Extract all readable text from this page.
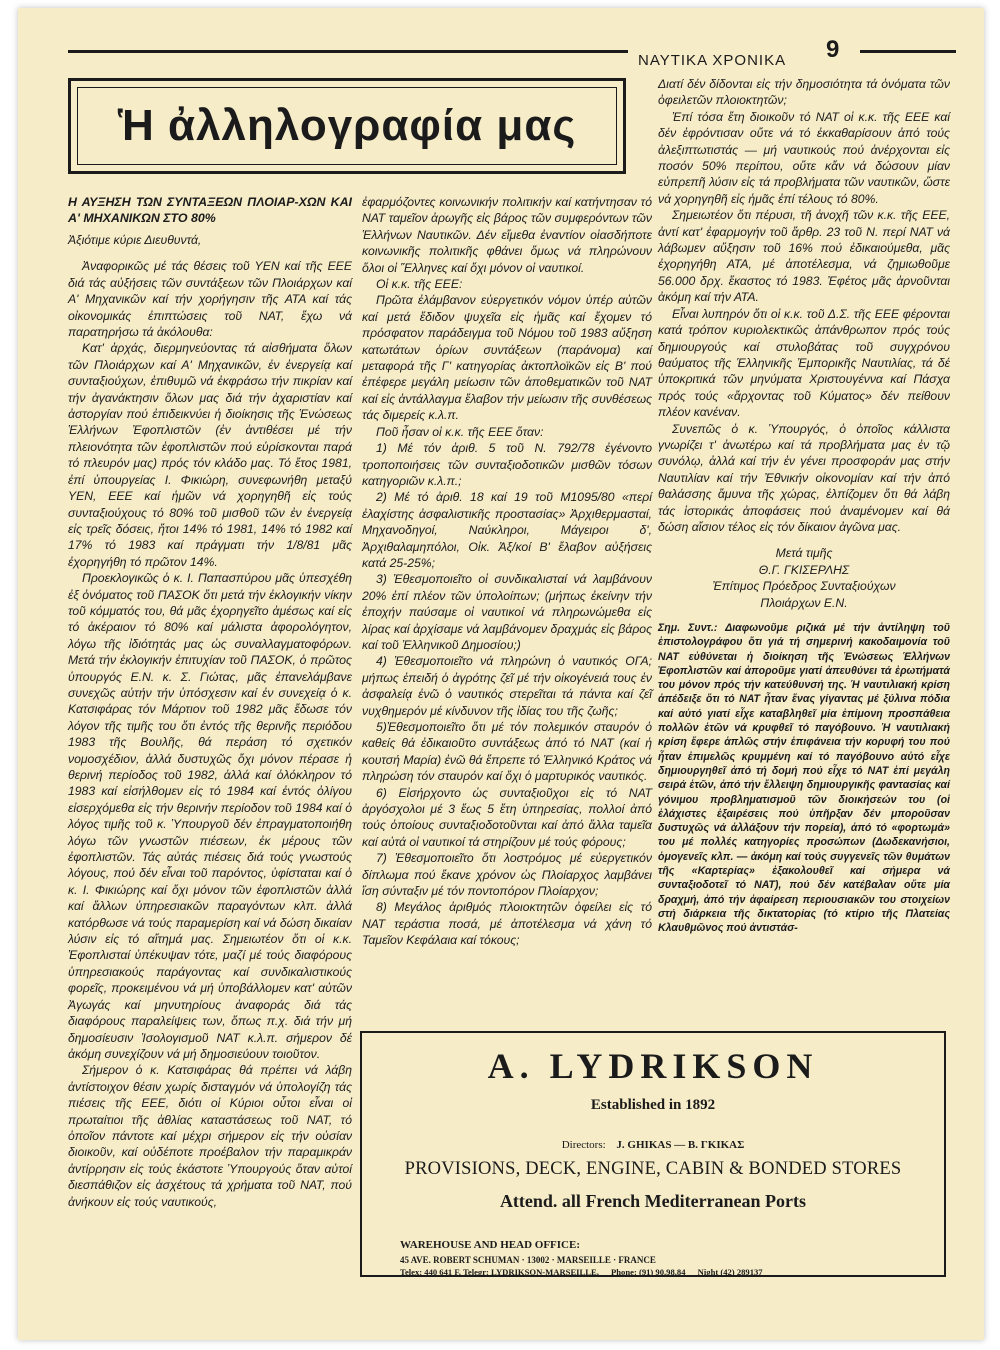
ΝΑΥΤΙΚΑ ΧΡΟΝΙΚΑ 9
Ἡ ἀλληλογραφία μας
Η ΑΥΞΗΣΗ ΤΩΝ ΣΥΝΤΑΞΕΩΝ ΠΛΟΙΑΡ-ΧΩΝ ΚΑΙ Α' ΜΗΧΑΝΙΚΩΝ ΣΤΟ 80%

Ἀξιότιμε κύριε Διευθυντά,

Ἀναφορικῶς μέ τάς θέσεις τοῦ ΥΕΝ καί τῆς ΕΕΕ διά τάς αὐξήσεις τῶν συντάξεων τῶν Πλοιάρχων καί Α' Μηχανικῶν καί τήν χορήγησιν τῆς ΑΤΑ καί τάς οἰκονομικάς ἐπιπτώσεις τοῦ ΝΑΤ, ἔχω νά παρατηρήσω τά ἀκόλουθα:

Κατ' ἀρχάς, διερμηνεύοντας τά αἰσθήματα ὅλων τῶν Πλοιάρχων καί Α' Μηχανικῶν, ἐν ἐνεργείᾳ καί συνταξιούχων, ἐπιθυμῶ νά ἐκφράσω τήν πικρίαν καί τήν ἀγανάκτησιν ὅλων μας διά τήν ἀχαριστίαν καί ἀστοργίαν πού ἐπιδεικνύει ἡ διοίκησις τῆς Ἑνώσεως Ἑλλήνων Ἐφοπλιστῶν (ἐν ἀντιθέσει μέ τήν πλειονότητα τῶν ἐφοπλιστῶν πού εὑρίσκονται παρά τό πλευρόν μας) πρός τόν κλάδο μας. Τό ἔτος 1981, ἐπί ὑπουργείας Ι. Φικιώρη, συνεφωνήθη μεταξύ ΥΕΝ, ΕΕΕ καί ἡμῶν νά χορηγηθῆ εἰς τούς συνταξιούχους τό 80% τοῦ μισθοῦ τῶν ἐν ἐνεργείᾳ εἰς τρεῖς δόσεις, ἤτοι 14% τό 1981, 14% τό 1982 καί 17% τό 1983 καί πράγματι τήν 1/8/81 μᾶς ἐχορηγήθη τό πρῶτον 14%.

Προεκλογικῶς ὁ κ. Ι. Παπασπύρου μᾶς ὑπεσχέθη ἐξ ὀνόματος τοῦ ΠΑΣΟΚ ὅτι μετά τήν ἐκλογικήν νίκην τοῦ κόμματός του, θά μᾶς ἐχορηγεῖτο ἀμέσως καί εἰς τό ἀκέραιον τό 80% καί μάλιστα ἀφορολόγητον, λόγω τῆς ἰδιότητάς μας ὡς συναλλαγματοφόρων. Μετά τήν ἐκλογικήν ἐπιτυχίαν τοῦ ΠΑΣΟΚ, ὁ πρῶτος ὑπουργός Ε.Ν. κ. Σ. Γιώτας, μᾶς ἐπανελάμβανε συνεχῶς αὐτήν τήν ὑπόσχεσιν καί ἐν συνεχείᾳ ὁ κ. Κατσιφάρας τόν Μάρτιον τοῦ 1982 μᾶς ἔδωσε τόν λόγον τῆς τιμῆς του ὅτι ἐντός τῆς θερινῆς περιόδου 1983 τῆς Βουλῆς, θά περάση τό σχετικόν νομοσχέδιον, ἀλλά δυστυχῶς ὄχι μόνον πέρασε ἡ θερινή περίοδος τοῦ 1982, ἀλλά καί ὁλόκληρον τό 1983 καί εἰσήλθομεν εἰς τό 1984 καί ἐντός ὀλίγου εἰσερχόμεθα εἰς τήν θερινήν περίοδον τοῦ 1984 καί ὁ λόγος τιμῆς τοῦ κ. Ὑπουργοῦ δέν ἐπραγματοποιήθη λόγω τῶν γνωστῶν πιέσεων, ἐκ μέρους τῶν ἐφοπλιστῶν. Τάς αὐτάς πιέσεις διά τούς γνωστούς λόγους, πού δέν εἶναι τοῦ παρόντος, ὑφίσταται καί ὁ κ. Ι. Φικιώρης καί ὄχι μόνον τῶν ἐφοπλιστῶν ἀλλά καί ἄλλων ὑπηρεσιακῶν παραγόντων κλπ. ἀλλά κατόρθωσε νά τούς παραμερίση καί νά δώση δικαίαν λύσιν εἰς τό αἴτημά μας. Σημειωτέον ὅτι οἱ κ.κ. Ἐφοπλισταί ὑπέκυψαν τότε, μαζί μέ τούς διαφόρους ὑπηρεσιακούς παράγοντας καί συνδικαλιστικούς φορεῖς, προκειμένου νά μή ὑποβάλλομεν κατ' αὐτῶν Ἀγωγάς καί μηνυτηρίους ἀναφοράς διά τάς διαφόρους παραλείψεις των, ὅπως π.χ. διά τήν μή δημοσίευσιν Ἰσολογισμοῦ ΝΑΤ κ.λ.π. σήμερον δέ ἀκόμη συνεχίζουν νά μή δημοσιεύουν τοιοῦτον.

Σήμερον ὁ κ. Κατσιφάρας θά πρέπει νά λάβη ἀντίστοιχον θέσιν χωρίς δισταγμόν νά ὑπολογίζη τάς πιέσεις τῆς ΕΕΕ, διότι οἱ Κύριοι οὗτοι εἶναι οἱ πρωταίτιοι τῆς ἀθλίας καταστάσεως τοῦ ΝΑΤ, τό ὁποῖον πάντοτε καί μέχρι σήμερον εἰς τήν οὐσίαν διοικοῦν, καί οὐδέποτε προέβαλον τήν παραμικράν ἀντίρρησιν εἰς τούς ἑκάστοτε Ὑπουργούς ὅταν αὐτοί διεσπάθιζον εἰς ἀσχέτους τά χρήματα τοῦ ΝΑΤ, πού ἀνήκουν εἰς τούς ναυτικούς,

ἐφαρμόζοντες κοινωνικήν πολιτικήν καί κατήντησαν τό ΝΑΤ ταμεῖον ἀρωγῆς εἰς βάρος τῶν συμφερόντων τῶν Ἑλλήνων Ναυτικῶν. Δέν εἴμεθα ἐναντίον οἱασδήποτε κοινωνικῆς πολιτικῆς φθάνει ὅμως νά πληρώνουν ὅλοι οἱ Ἕλληνες καί ὄχι μόνον οἱ ναυτικοί.

Οἱ κ.κ. τῆς ΕΕΕ:

Πρῶτα ἐλάμβανον εὐεργετικόν νόμον ὑπέρ αὐτῶν καί μετά ἔδιδον ψυχεῖα εἰς ἡμᾶς καί ἔχομεν τό πρόσφατον παράδειγμα τοῦ Νόμου τοῦ 1983 αὔξηση κατωτάτων ὁρίων συντάξεων (παράνομα) καί μεταφορά τῆς Γ' κατηγορίας ἀκτοπλοϊκῶν εἰς Β' πού ἐπέφερε μεγάλη μείωσιν τῶν ἀποθεματικῶν τοῦ ΝΑΤ καί εἰς ἀντάλλαγμα ἔλαβον τήν μείωσιν τῆς συνθέσεως τάς διμερείς κ.λ.π.

Ποῦ ἦσαν οἱ κ.κ. τῆς ΕΕΕ ὅταν:

1) Μέ τόν ἀριθ. 5 τοῦ Ν. 792/78 ἐγένοντο τροποποιήσεις τῶν συνταξιοδοτικῶν μισθῶν τόσων κατηγοριῶν κ.λ.π.;

2) Μέ τό ἀριθ. 18 καί 19 τοῦ Μ1095/80 «περί ἐλαχίστης ἀσφαλιστικῆς προστασίας» Ἀρχιθερμασταί, Μηχανοδηγοί, Ναύκληροι, Μάγειροι δ', Ἀρχιθαλαμηπόλοι, Οἰκ. Ἀξ/κοί Β' ἔλαβον αὐξήσεις κατά 25-25%;

3) Ἐθεσμοποιεῖτο οἱ συνδικαλισταί νά λαμβάνουν 20% ἐπί πλέον τῶν ὑπολοίπων; (μήπως ἐκείνην τήν ἐποχήν παύσαμε οἱ ναυτικοί νά πληρωνώμεθα εἰς λίρας καί ἀρχίσαμε νά λαμβάνομεν δραχμάς εἰς βάρος καί τοῦ Ἑλληνικοῦ Δημοσίου;)

4) Ἐθεσμοποιεῖτο νά πληρώνη ὁ ναυτικός ΟΓΑ; μήπως ἐπειδή ὁ ἀγρότης ζεῖ μέ τήν οἰκογένειά τους ἐν ἀσφαλείᾳ ἐνῶ ὁ ναυτικός στερεῖται τά πάντα καί ζεῖ νυχθημερόν μέ κίνδυνον τῆς ἰδίας του τῆς ζωῆς;

5)Ἐθεσμοποιεῖτο ὅτι μέ τόν πολεμικόν σταυρόν ὁ καθείς θά ἐδικαιοῦτο συντάξεως ἀπό τό ΝΑΤ (καί ἡ κουτσή Μαρία) ἐνῶ θά ἔπρεπε τό Ἑλληνικό Κράτος νά πληρώση τόν σταυρόν καί ὄχι ὁ μαρτυρικός ναυτικός.

6) Εἰσήρχοντο ὡς συνταξιοῦχοι εἰς τό ΝΑΤ ἀργόσχολοι μέ 3 ἕως 5 ἔτη ὑπηρεσίας, πολλοί ἀπό τούς ὁποίους συνταξιοδοτοῦνται καί ἀπό ἄλλα ταμεῖα καί αὐτά οἱ ναυτικοί τά στηρίζουν μέ τούς φόρους;

7) Ἐθεσμοποιεῖτο ὅτι λοστρόμος μέ εὐεργετικόν δίπλωμα πού ἔκανε χρόνον ὡς Πλοίαρχος λαμβάνει ἴση σύνταξιν μέ τόν ποντοπόρον Πλοίαρχον;

8) Μεγάλος ἀριθμός πλοιοκτητῶν ὀφείλει εἰς τό ΝΑΤ τεράστια ποσά, μέ ἀποτέλεσμα νά χάνη τό Ταμεῖον Κεφάλαια καί τόκους;

Διατί δέν δίδονται εἰς τήν δημοσιότητα τά ὀνόματα τῶν ὀφειλετῶν πλοιοκτητῶν;

Ἐπί τόσα ἔτη διοικοῦν τό ΝΑΤ οἱ κ.κ. τῆς ΕΕΕ καί δέν ἐφρόντισαν οὔτε νά τό ἐκκαθαρίσουν ἀπό τούς ἀλεξιπτωτιστάς — μή ναυτικούς πού ἀνέρχονται εἰς ποσόν 50% περίπου, οὔτε κἄν νά δώσουν μίαν εὐπρεπῆ λύσιν εἰς τά προβλήματα τῶν ναυτικῶν, ὥστε νά χορηγηθῆ εἰς ἡμᾶς ἐπί τέλους τό 80%.

Σημειωτέον ὅτι πέρυσι, τῆ ἀνοχῆ τῶν κ.κ. τῆς ΕΕΕ, ἀντί κατ' ἐφαρμογήν τοῦ ἄρθρ. 23 τοῦ Ν. περί ΝΑΤ νά λάβωμεν αὔξησιν τοῦ 16% πού ἐδικαιούμεθα, μᾶς ἐχορηγήθη ΑΤΑ, μέ ἀποτέλεσμα, νά ζημιωθοῦμε 56.000 δρχ. ἕκαστος τό 1983. Ἐφέτος μᾶς ἀρνοῦνται ἀκόμη καί τήν ΑΤΑ.

Εἶναι λυπηρόν ὅτι οἱ κ.κ. τοῦ Δ.Σ. τῆς ΕΕΕ φέρονται κατά τρόπον κυριολεκτικῶς ἀπάνθρωπον πρός τούς δημιουργούς καί στυλοβάτας τοῦ συγχρόνου θαύματος τῆς Ἑλληνικῆς Ἐμπορικῆς Ναυτιλίας, τά δέ ὑποκριτικά τῶν μηνύματα Χριστουγέννα καί Πάσχα πρός τούς «ἄρχοντας τοῦ Κύματος» δέν πείθουν πλέον κανέναν.

Συνεπῶς ὁ κ. Ὑπουργός, ὁ ὁποῖος κάλλιστα γνωρίζει τ' ἀνωτέρω καί τά προβλήματα μας ἐν τῷ συνόλῳ, ἀλλά καί τήν ἐν γένει προσφοράν μας στήν Ναυτιλίαν καί τήν Ἐθνικήν οἰκονομίαν καί τήν ἀπό θαλάσσης ἄμυνα τῆς χώρας, ἐλπίζομεν ὅτι θά λάβη τάς ἱστορικάς ἀποφάσεις πού ἀναμένομεν καί θά δώση αἴσιον τέλος εἰς τόν δίκαιον ἀγῶνα μας.

Μετά τιμῆς

Θ.Γ. ΓΚΙΣΕΡΛΗΣ

Ἐπίτιμος Πρόεδρος Συνταξιούχων

Πλοιάρχων Ε.Ν.

Σημ. Συντ.: Διαφωνοῦμε ριζικά μέ τήν ἀντίληψη τοῦ ἐπιστολογράφου ὅτι γιά τή σημερινή κακοδαιμονία τοῦ ΝΑΤ εὐθύνεται ἡ διοίκηση τῆς Ἑνώσεως Ἑλλήνων Ἐφοπλιστῶν καί ἀποροῦμε γιατί ἀπευθύνει τά ἐρωτήματά του μόνον πρός τήν κατεύθυνσή της. Ἡ ναυτιλιακή κρίση ἀπέδειξε ὅτι τό ΝΑΤ ἦταν ἕνας γίγαντας μέ ξύλινα πόδια καί αὐτό γιατί εἶχε καταβληθεῖ μία ἐπίμονη προσπάθεια πολλῶν ἐτῶν νά κρυφθεῖ τό παγόβουνο. Ἡ ναυτιλιακή κρίση ἔφερε ἁπλῶς στήν ἐπιφάνεια τήν κορυφή του πού ἦταν ἐπιμελῶς κρυμμένη καί τό παγόβουνο αὐτό εἶχε δημιουργηθεῖ ἀπό τή δομή πού εἶχε τό ΝΑΤ ἐπί μεγάλη σειρά ἐτῶν, ἀπό τήν ἔλλειψη δημιουργικῆς φαντασίας καί γόνιμου προβληματισμοῦ τῶν διοικήσεών του (οἱ ἐλάχιστες ἐξαιρέσεις πού ὑπῆρξαν δέν μποροῦσαν δυστυχῶς νά ἀλλάξουν τήν πορεία), ἀπό τό «φορτωμά» του μέ πολλές κατηγορίες προσώπων (Δωδεκανήσιοι, ὁμογενεῖς κλπ. — ἀκόμη καί τούς συγγενεῖς τῶν θυμάτων τῆς «Καρτερίας» ἐξακολουθεῖ καί σήμερα νά συνταξιοδοτεῖ τό ΝΑΤ), πού δέν κατέβαλαν οὔτε μία δραχμή, ἀπό τήν ἀφαίρεση περιουσιακῶν του στοιχείων στή διάρκεια τῆς δικτατορίας (τό κτίριο τῆς Πλατείας Κλαυθμῶνος πού ἀντιστάσ-

A. LYDRIKSON
Established in 1892
Directors: J. GHIKAS — B. ΓΚΙΚΑΣ
PROVISIONS, DECK, ENGINE, CABIN & BONDED STORES
Attend. all French Mediterranean Ports
WAREHOUSE AND HEAD OFFICE:
45 AVE. ROBERT SCHUMAN · 13002 · MARSEILLE · FRANCE
Telex: 440 641 F, Telegr: LYDRIKSON-MARSEILLE, Phone: (91) 90.98.84 Night (42) 289137
